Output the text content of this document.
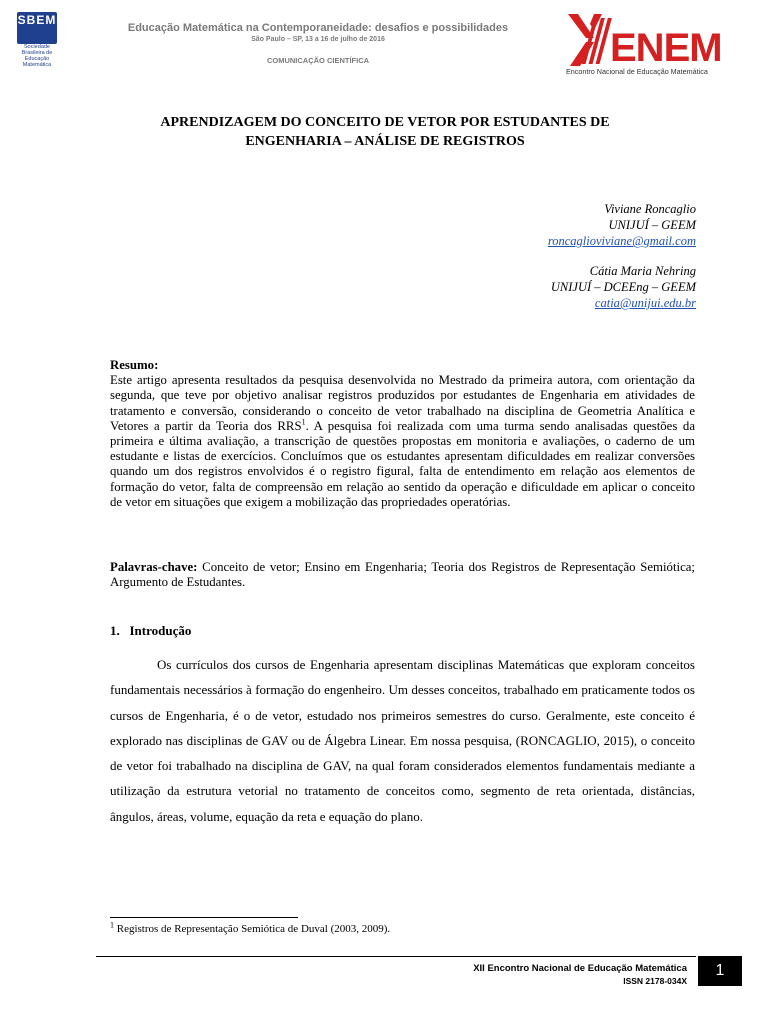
SBEM
Sociedade Brasileira de Educação Matemática
Educação Matemática na Contemporaneidade: desafios e possibilidades
São Paulo – SP, 13 a 16 de julho de 2016
COMUNICAÇÃO CIENTÍFICA	ENEM
Encontro Nacional de Educação Matemática
APRENDIZAGEM DO CONCEITO DE VETOR POR ESTUDANTES DE
ENGENHARIA – ANÁLISE DE REGISTROS
Viviane Roncaglio
UNIJUÍ – GEEM
roncaglioviviane@gmail.com
Cátia Maria Nehring
UNIJUÍ – DCEEng – GEEM
catia@unijui.edu.br
Resumo:
Este artigo apresenta resultados da pesquisa desenvolvida no Mestrado da primeira autora, com orientação da segunda, que teve por objetivo analisar registros produzidos por estudantes de Engenharia em atividades de tratamento e conversão, considerando o conceito de vetor trabalhado na disciplina de Geometria Analítica e Vetores a partir da Teoria dos RRS$^1$. A pesquisa foi realizada com uma turma sendo analisadas questões da primeira e última avaliação, a transcrição de questões propostas em monitoria e avaliações, o caderno de um estudante e listas de exercícios. Concluímos que os estudantes apresentam dificuldades em realizar conversões quando um dos registros envolvidos é o registro figural, falta de entendimento em relação aos elementos de formação do vetor, falta de compreensão em relação ao sentido da operação e dificuldade em aplicar o conceito de vetor em situações que exigem a mobilização das propriedades operatórias.
Palavras-chave: Conceito de vetor; Ensino em Engenharia; Teoria dos Registros de Representação Semiótica; Argumento de Estudantes.
1.   Introdução
Os currículos dos cursos de Engenharia apresentam disciplinas Matemáticas que exploram conceitos fundamentais necessários à formação do engenheiro. Um desses conceitos, trabalhado em praticamente todos os cursos de Engenharia, é o de vetor, estudado nos primeiros semestres do curso. Geralmente, este conceito é explorado nas disciplinas de GAV ou de Álgebra Linear. Em nossa pesquisa, (RONCAGLIO, 2015), o conceito de vetor foi trabalhado na disciplina de GAV, na qual foram considerados elementos fundamentais mediante a utilização da estrutura vetorial no tratamento de conceitos como, segmento de reta orientada, distâncias, ângulos, áreas, volume, equação da reta e equação do plano.
$^1$ Registros de Representação Semiótica de Duval (2003, 2009).
XII Encontro Nacional de Educação Matemática
ISSN 2178-034X
1
